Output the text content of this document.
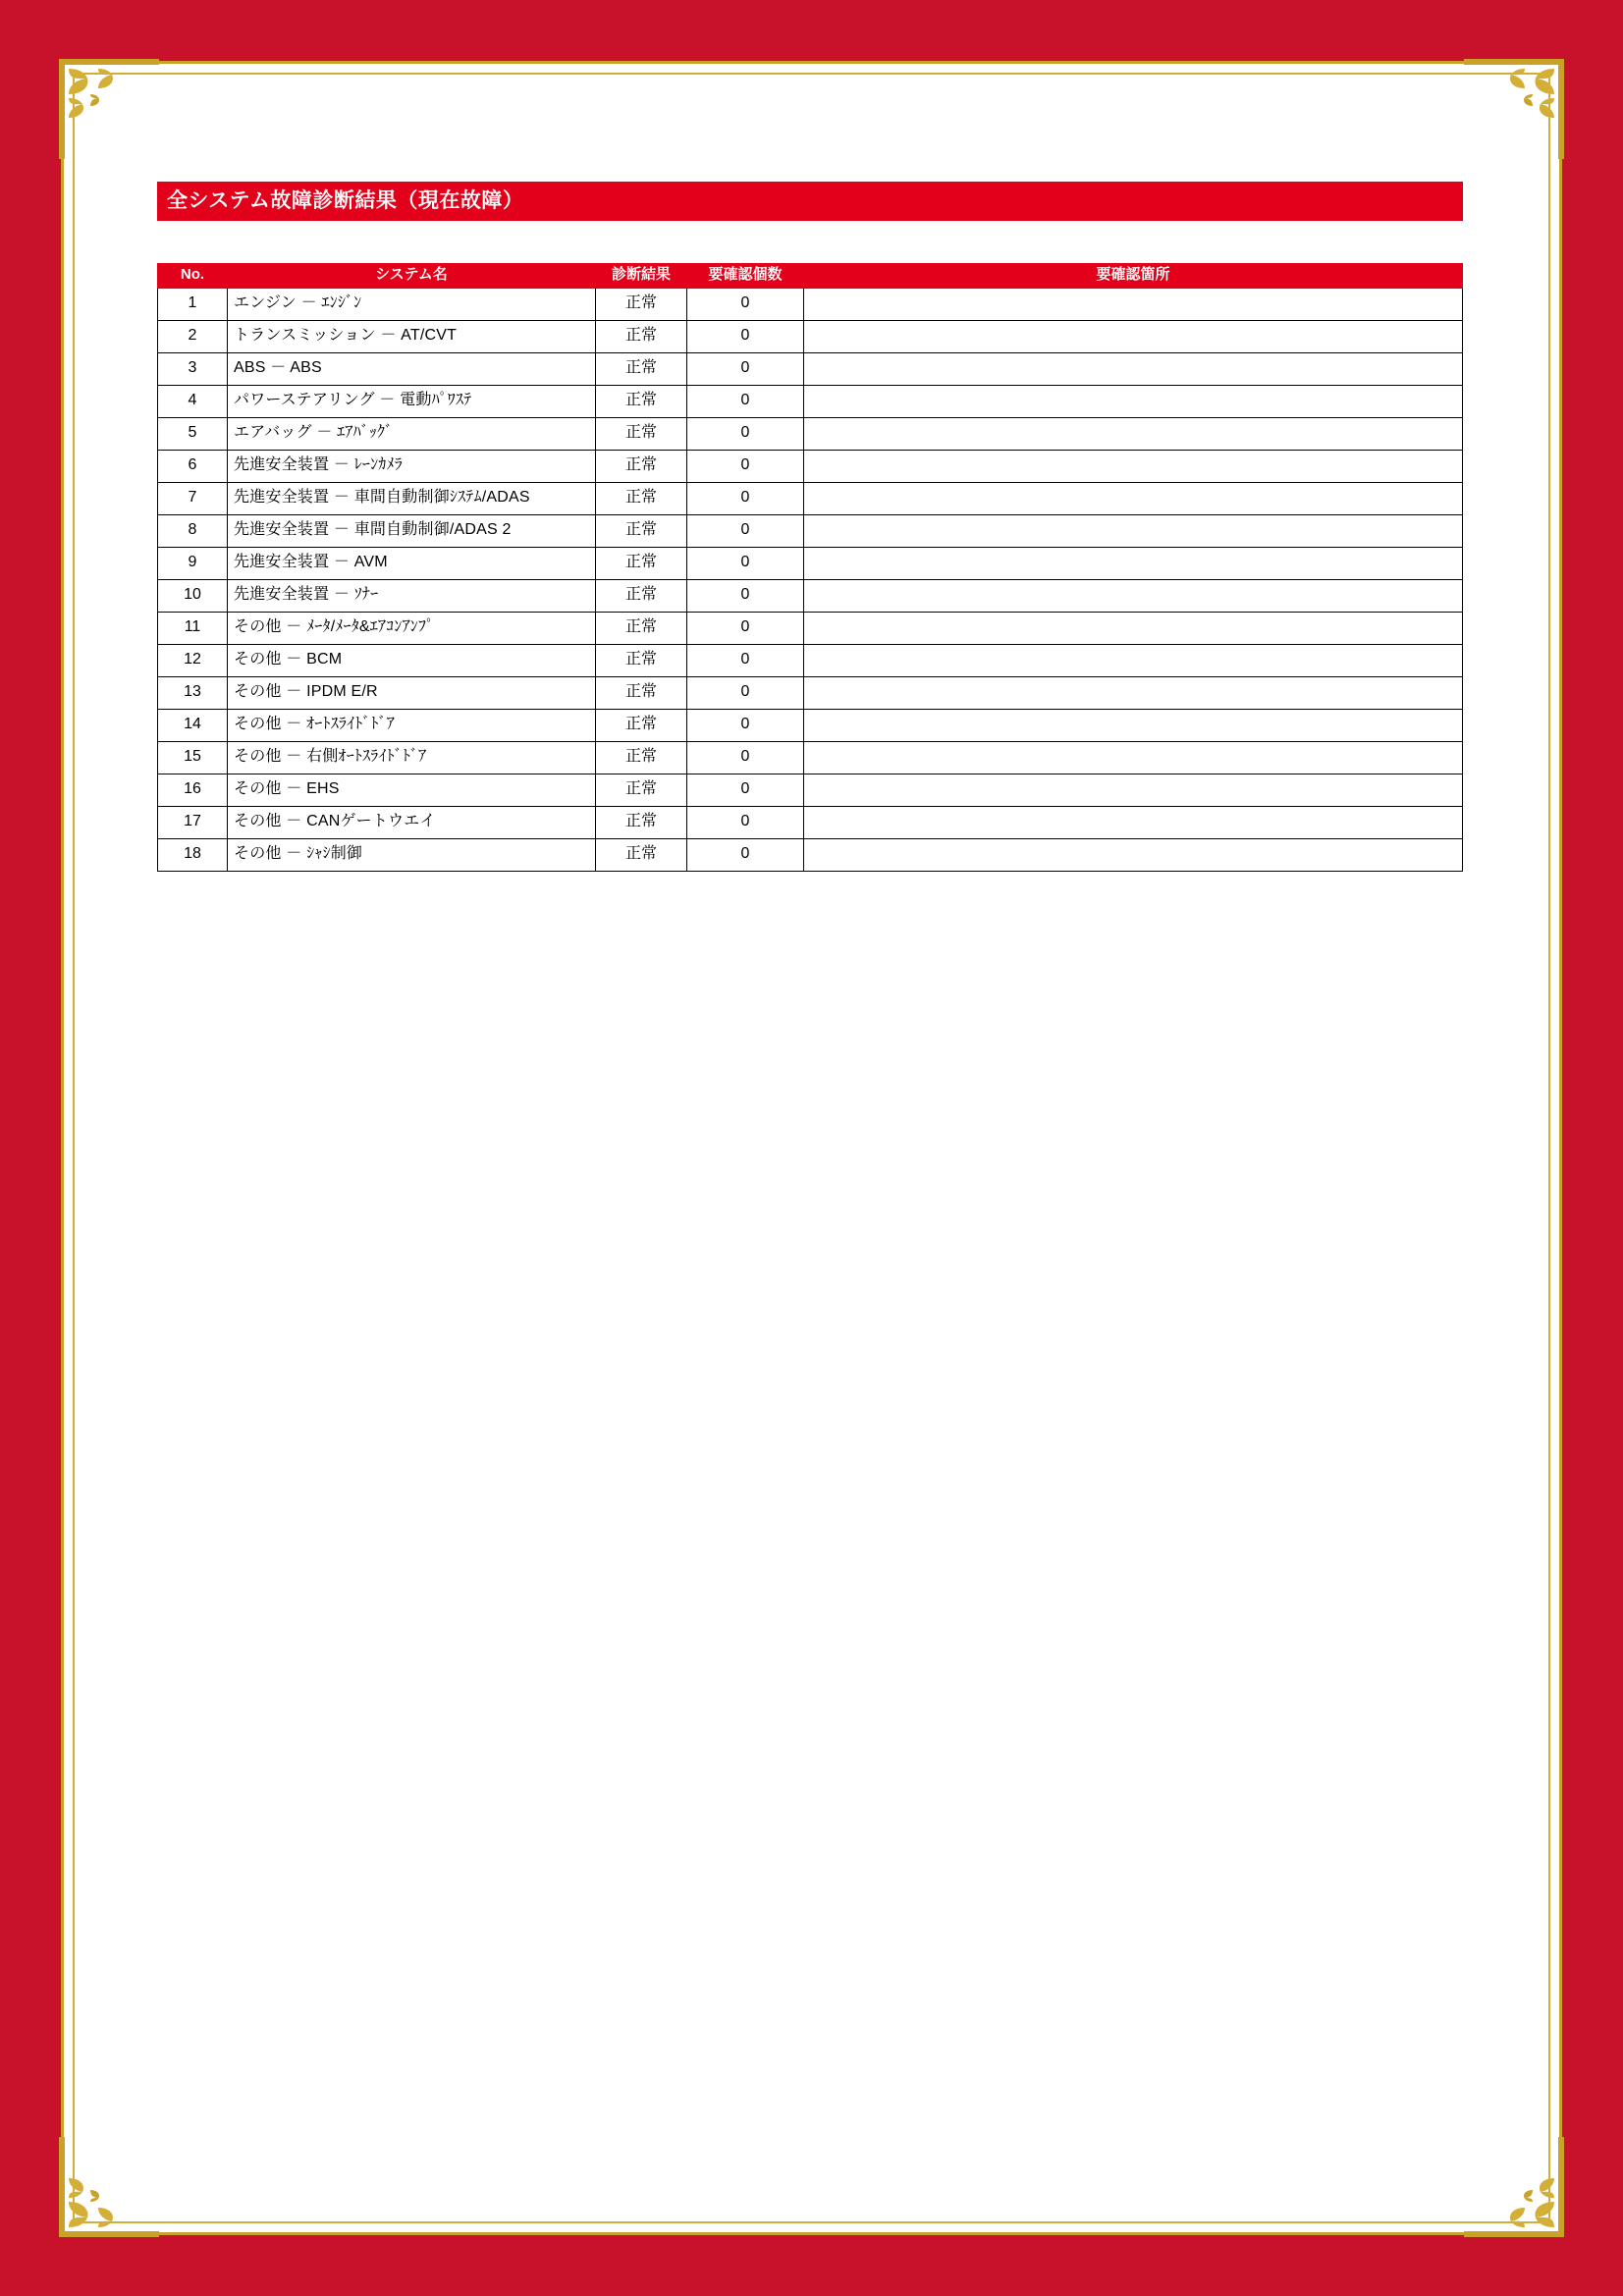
全システム故障診断結果（現在故障）
No.	システム名	診断結果	要確認個数	要確認箇所
1	エンジン － ｴﾝｼﾞﾝ	正常	0	
2	トランスミッション － AT/CVT	正常	0	
3	ABS － ABS	正常	0	
4	パワーステアリング － 電動ﾊﾟﾜｽﾃ	正常	0	
5	エアバッグ － ｴｱﾊﾞｯｸﾞ	正常	0	
6	先進安全装置 － ﾚｰﾝｶﾒﾗ	正常	0	
7	先進安全装置 － 車間自動制御ｼｽﾃﾑ/ADAS	正常	0	
8	先進安全装置 － 車間自動制御/ADAS 2	正常	0	
9	先進安全装置 － AVM	正常	0	
10	先進安全装置 － ｿﾅｰ	正常	0	
11	その他 － ﾒｰﾀ/ﾒｰﾀ&ｴｱｺﾝｱﾝﾌﾟ	正常	0	
12	その他 － BCM	正常	0	
13	その他 － IPDM E/R	正常	0	
14	その他 － ｵｰﾄｽﾗｲﾄﾞﾄﾞｱ	正常	0	
15	その他 － 右側ｵｰﾄｽﾗｲﾄﾞﾄﾞｱ	正常	0	
16	その他 － EHS	正常	0	
17	その他 － CANゲートウエイ	正常	0	
18	その他 － ｼｬｼ制御	正常	0	
